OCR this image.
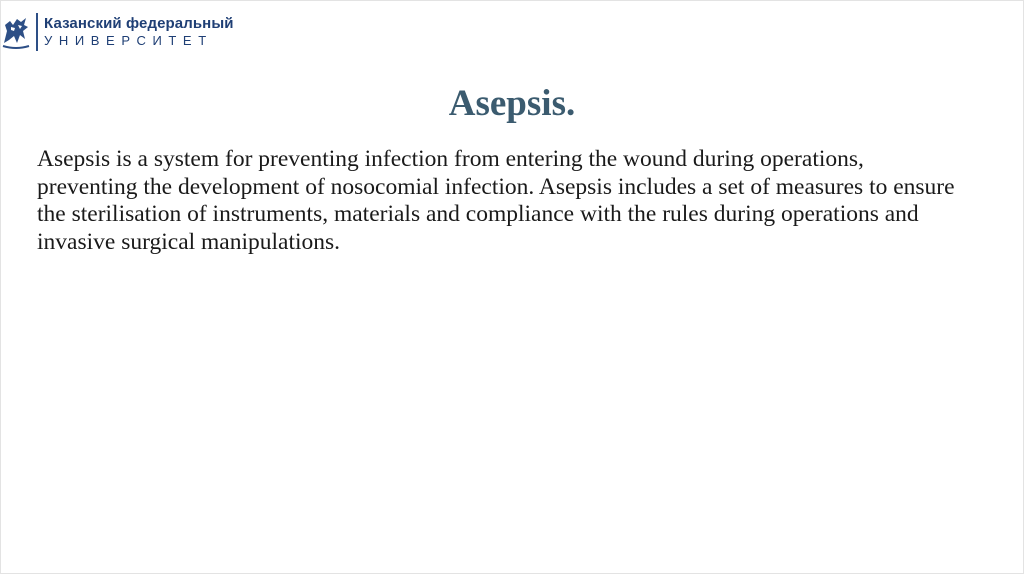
Казанский федеральный
УНИВЕРСИТЕТ
Asepsis.

Asepsis is a system for preventing infection from entering the wound during operations, preventing the development of nosocomial infection. Asepsis includes a set of measures to ensure the sterilisation of instruments, materials and compliance with the rules during operations and invasive surgical manipulations.
